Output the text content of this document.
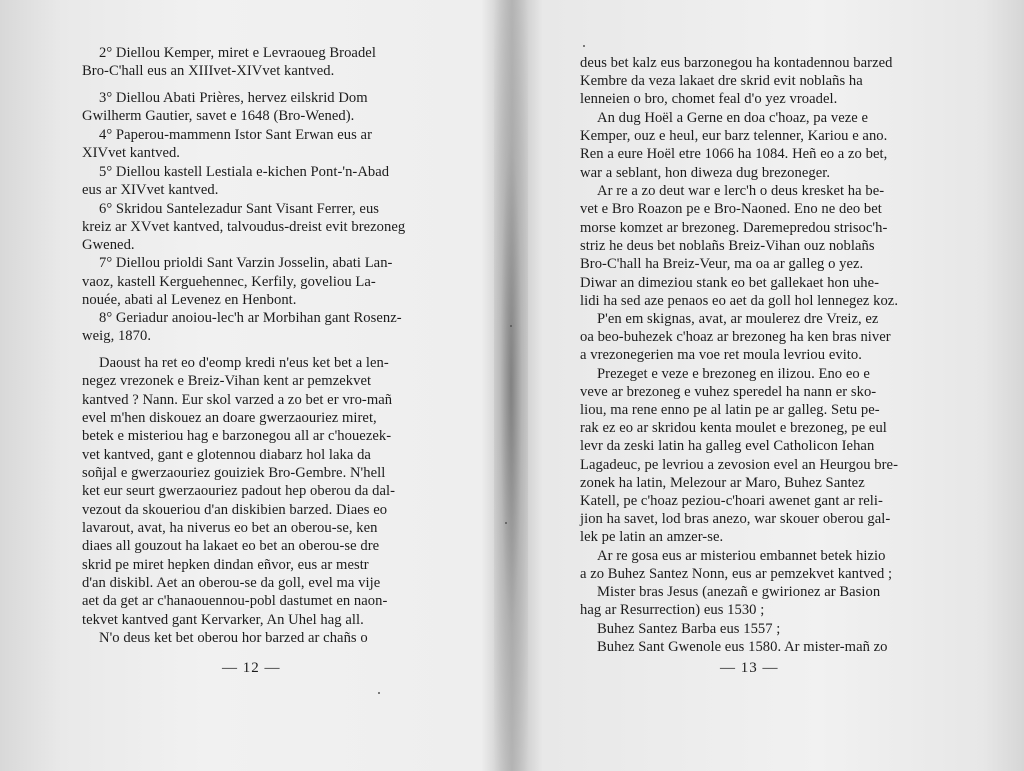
2° Diellou Kemper, miret e Levraoueg Broadel
Bro-C'hall eus an XIIIvet-XIVvet kantved.
3° Diellou Abati Prières, hervez eilskrid Dom
Gwilherm Gautier, savet e 1648 (Bro-Wened).
4° Paperou-mammenn Istor Sant Erwan eus ar
XIVvet kantved.
5° Diellou kastell Lestiala e-kichen Pont-'n-Abad
eus ar XIVvet kantved.
6° Skridou Santelezadur Sant Visant Ferrer, eus
kreiz ar XVvet kantved, talvoudus-dreist evit brezoneg
Gwened.
7° Diellou prioldi Sant Varzin Josselin, abati Lan-
vaoz, kastell Kerguehennec, Kerfily, goveliou La-
nouée, abati al Levenez en Henbont.
8° Geriadur anoiou-lec'h ar Morbihan gant Rosenz-
weig, 1870.
Daoust ha ret eo d'eomp kredi n'eus ket bet a len-
negez vrezonek e Breiz-Vihan kent ar pemzekvet
kantved ? Nann. Eur skol varzed a zo bet er vro-mañ
evel m'hen diskouez an doare gwerzaouriez miret,
betek e misteriou hag e barzonegou all ar c'houezek-
vet kantved, gant e glotennou diabarz hol laka da
soñjal e gwerzaouriez gouiziek Bro-Gembre. N'hell
ket eur seurt gwerzaouriez padout hep oberou da dal-
vezout da skoueriou d'an diskibien barzed. Diaes eo
lavarout, avat, ha niverus eo bet an oberou-se, ken
diaes all gouzout ha lakaet eo bet an oberou-se dre
skrid pe miret hepken dindan eñvor, eus ar mestr
d'an diskibl. Aet an oberou-se da goll, evel ma vije
aet da get ar c'hanaouennou-pobl dastumet en naon-
tekvet kantved gant Kervarker, An Uhel hag all.
N'o deus ket bet oberou hor barzed ar chañs o
— 12 —
deus bet kalz eus barzonegou ha kontadennou barzed
Kembre da veza lakaet dre skrid evit noblañs ha
lenneien o bro, chomet feal d'o yez vroadel.
An dug Hoël a Gerne en doa c'hoaz, pa veze e
Kemper, ouz e heul, eur barz telenner, Kariou e ano.
Ren a eure Hoël etre 1066 ha 1084. Heñ eo a zo bet,
war a seblant, hon diweza dug brezoneger.
Ar re a zo deut war e lerc'h o deus kresket ha be-
vet e Bro Roazon pe e Bro-Naoned. Eno ne deo bet
morse komzet ar brezoneg. Daremepredou strisoc'h-
striz he deus bet noblañs Breiz-Vihan ouz noblañs
Bro-C'hall ha Breiz-Veur, ma oa ar galleg o yez.
Diwar an dimeziou stank eo bet gallekaet hon uhe-
lidi ha sed aze penaos eo aet da goll hol lennegez koz.
P'en em skignas, avat, ar moulerez dre Vreiz, ez
oa beo-buhezek c'hoaz ar brezoneg ha ken bras niver
a vrezonegerien ma voe ret moula levriou evito.
Prezeget e veze e brezoneg en ilizou. Eno eo e
veve ar brezoneg e vuhez speredel ha nann er sko-
liou, ma rene enno pe al latin pe ar galleg. Setu pe-
rak ez eo ar skridou kenta moulet e brezoneg, pe eul
levr da zeski latin ha galleg evel Catholicon Iehan
Lagadeuc, pe levriou a zevosion evel an Heurgou bre-
zonek ha latin, Melezour ar Maro, Buhez Santez
Katell, pe c'hoaz peziou-c'hoari awenet gant ar reli-
jion ha savet, lod bras anezo, war skouer oberou gal-
lek pe latin an amzer-se.
Ar re gosa eus ar misteriou embannet betek hizio
a zo Buhez Santez Nonn, eus ar pemzekvet kantved ;
Mister bras Jesus (anezañ e gwirionez ar Basion
hag ar Resurrection) eus 1530 ;
Buhez Santez Barba eus 1557 ;
Buhez Sant Gwenole eus 1580. Ar mister-mañ zo
— 13 —
